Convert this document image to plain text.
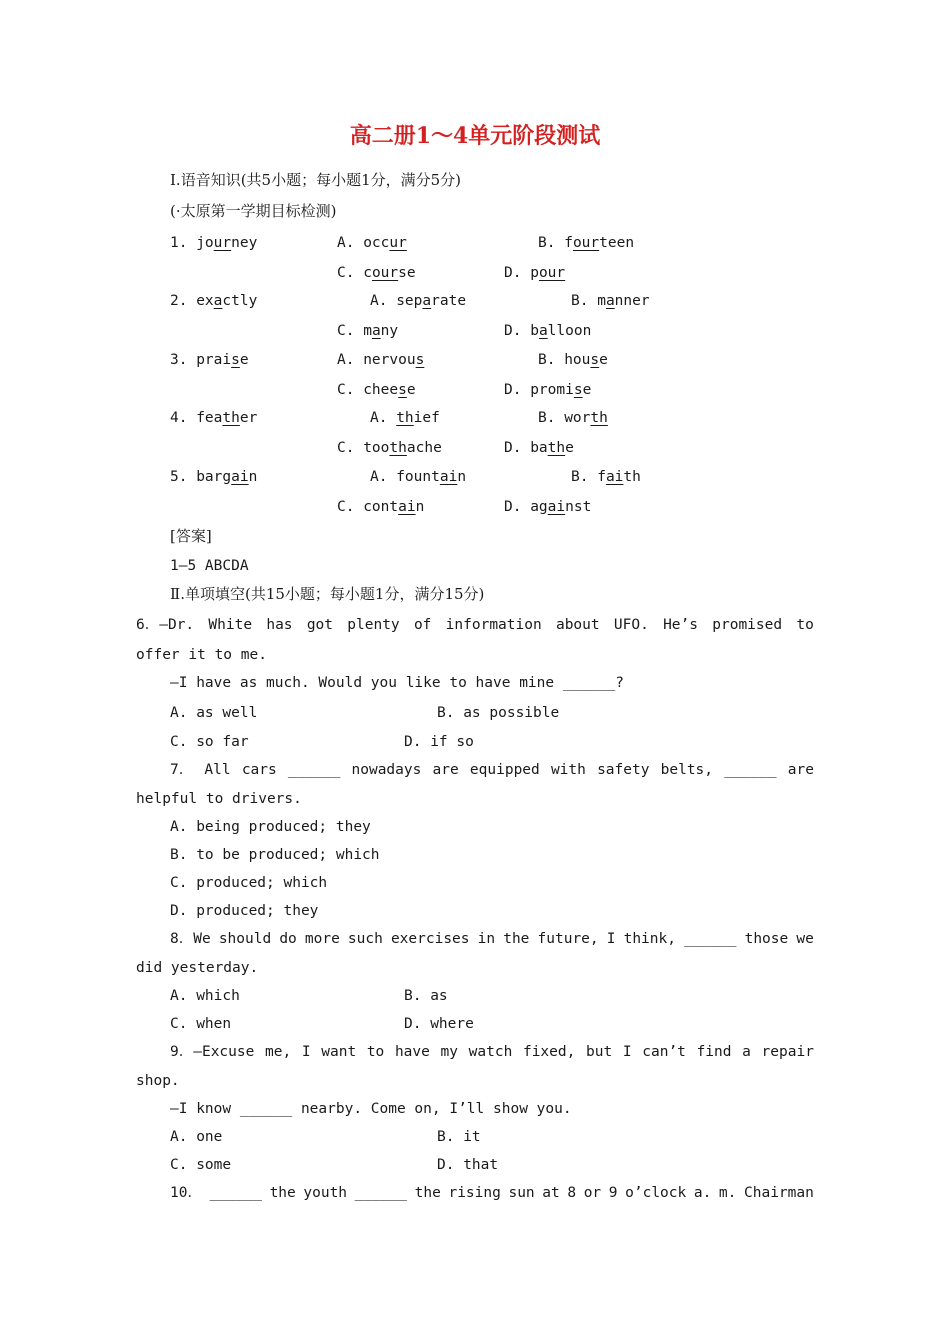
高二册1～4单元阶段测试
Ⅰ.语音知识(共5小题；每小题1分，满分5分)
(·太原第一学期目标检测)
1. journey	A. occur	B. fourteen
C. course	D. pour
2. exactly	A. separate	B. manner
C. many	D. balloon
3. praise	A. nervous	B. house
C. cheese	D. promise
4. feather	A. thief	B. worth
C. toothache	D. bathe
5. bargain	A. fountain	B. faith
C. contain	D. against
[答案]
1—5 ABCDA
Ⅱ.单项填空(共15小题；每小题1分，满分15分)
6．—Dr. White has got plenty of information about UFO. He’s promised to
offer it to me.
—I have as much. Would you like to have mine ______?
A. as well	B. as possible
C. so far	D. if so
7． All cars ______ nowadays are equipped with safety belts, ______ are
helpful to drivers.
A. being produced; they
B. to be produced; which
C. produced; which
D. produced; they
8．We should do more such exercises in the future, I think, ______ those we
did yesterday.
A. which	B. as
C. when	D. where
9．—Excuse me, I want to have my watch fixed, but I can’t find a repair
shop.
—I know ______ nearby. Come on, I’ll show you.
A. one	B. it
C. some	D. that
10． ______ the youth ______ the rising sun at 8 or 9 o’clock a. m. Chairman
